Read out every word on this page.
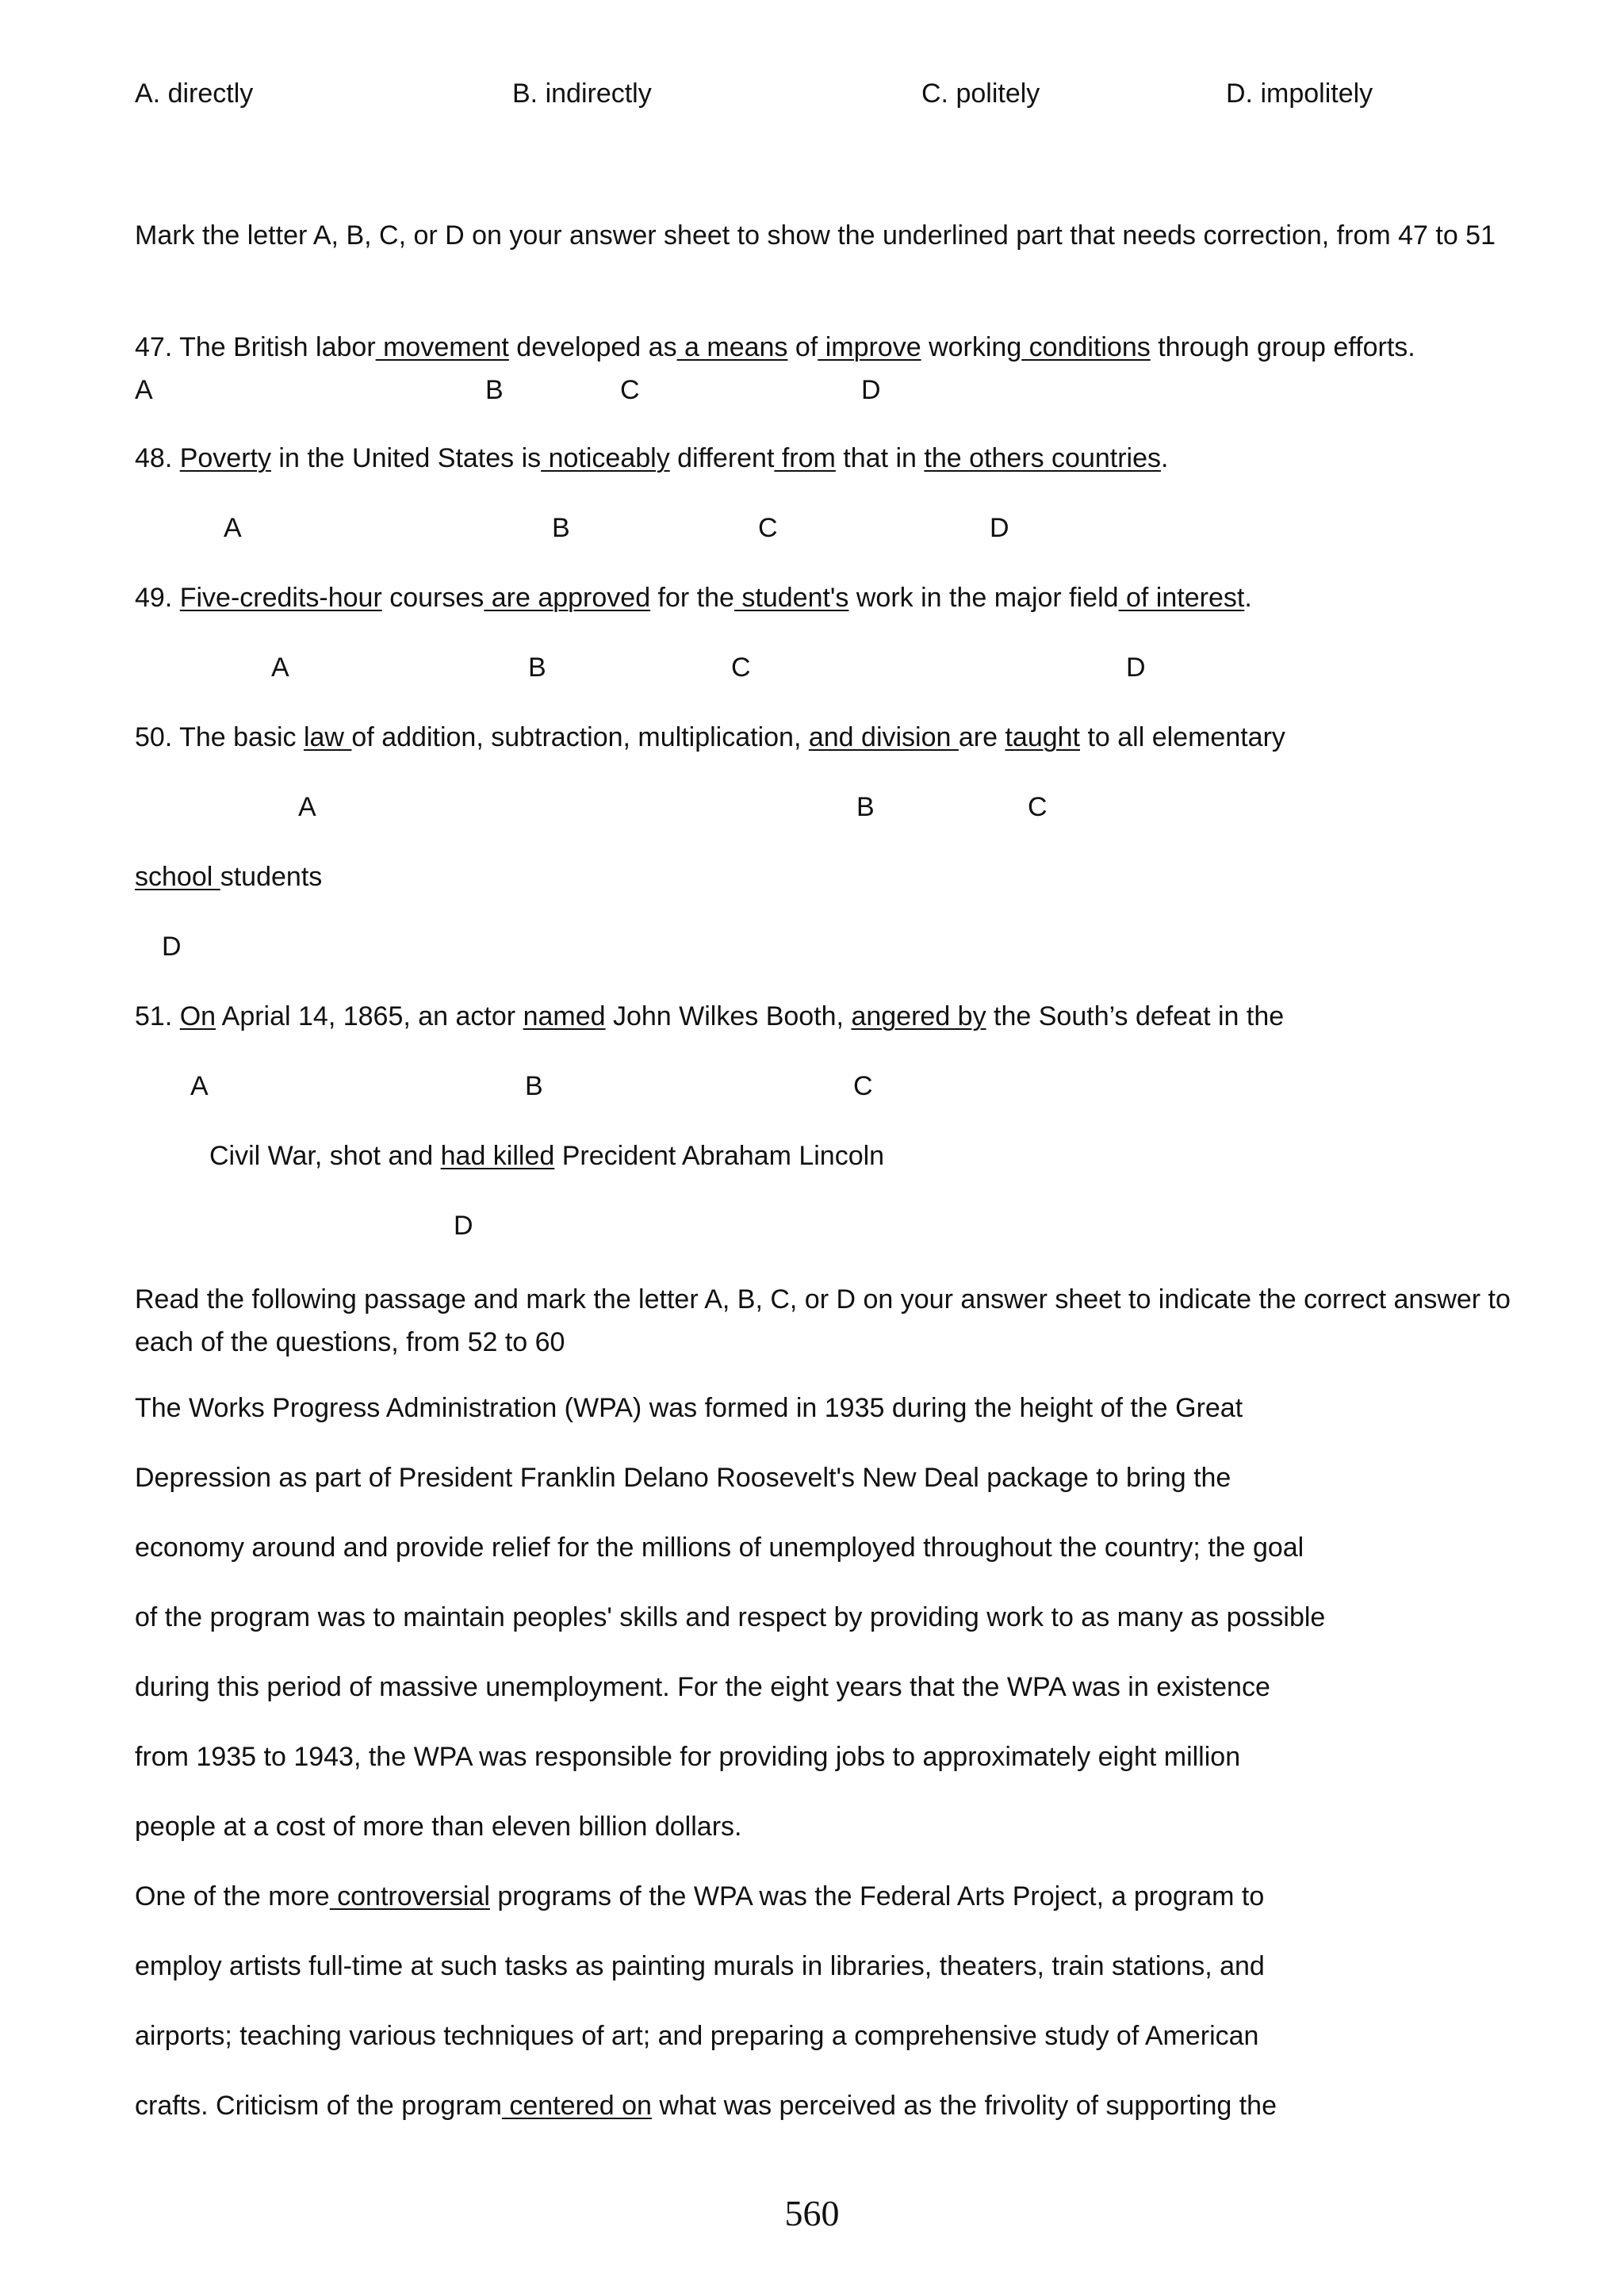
A. directly	B. indirectly	C. politely	D. impolitely
Mark the letter A, B, C, or D on your answer sheet to show the underlined part that needs correction, from 47 to 51
47. The British labor movement developed as a means of improve working conditions through group efforts.
A	B	C	D
48. Poverty in the United States is noticeably different from that in the others countries.
A	B	C	D
49. Five-credits-hour courses are approved for the student's work in the major field of interest.
A	B	C	D
50. The basic law of addition, subtraction, multiplication, and division are taught to all elementary
A	B	C
school students
D
51. On Aprial 14, 1865, an actor named John Wilkes Booth, angered by the South’s defeat in the
A	B	C
Civil War, shot and had killed Precident Abraham Lincoln
D
Read the following passage and mark the letter A, B, C, or D on your answer sheet to indicate the correct answer to each of the questions, from 52 to 60
The Works Progress Administration (WPA) was formed in 1935 during the height of the Great
Depression as part of President Franklin Delano Roosevelt's New Deal package to bring the
economy around and provide relief for the millions of unemployed throughout the country; the goal
of the program was to maintain peoples' skills and respect by providing work to as many as possible
during this period of massive unemployment. For the eight years that the WPA was in existence
from 1935 to 1943, the WPA was responsible for providing jobs to approximately eight million
people at a cost of more than eleven billion dollars.
One of the more controversial programs of the WPA was the Federal Arts Project, a program to
employ artists full-time at such tasks as painting murals in libraries, theaters, train stations, and
airports; teaching various techniques of art; and preparing a comprehensive study of American
crafts. Criticism of the program centered on what was perceived as the frivolity of supporting the
560
